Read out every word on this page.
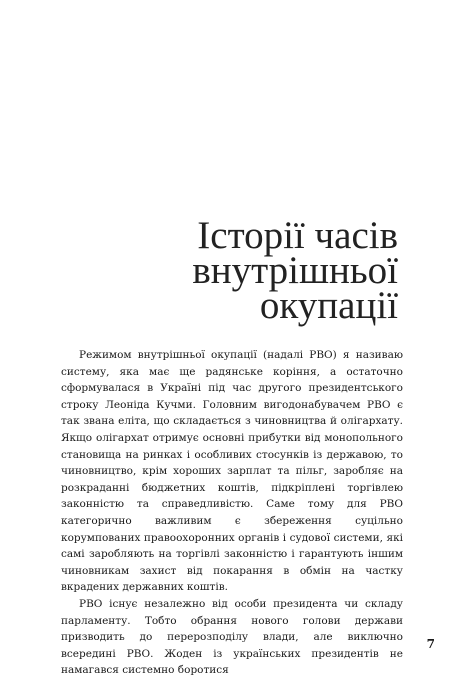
Історії часів
внутрішньої
окупації

Режимом внутрішньої окупації (надалі РВО) я називаю систему, яка має ще радянське коріння, а остаточно сформувалася в Україні під час другого президентського строку Леоніда Кучми. Головним вигодонабувачем РВО є так звана еліта, що складається з чиновництва й олігархату. Якщо олігархат отримує основні прибутки від монопольного становища на ринках і особливих стосунків із державою, то чиновництво, крім хороших зарплат та пільг, заробляє на розкраданні бюджетних коштів, підкріплені торгівлею законністю та справедливістю. Саме тому для РВО категорично важливим є збереження суцільно корумпованих правоохоронних органів і судової системи, які самі заробляють на торгівлі законністю і гарантують іншим чиновникам захист від покарання в обмін на частку вкрадених державних коштів.

РВО існує незалежно від особи президента чи складу парламенту. Тобто обрання нового голови держави призводить до перерозподілу влади, але виключно всередині РВО. Жоден із українських президентів не намагався системно боротися

7
